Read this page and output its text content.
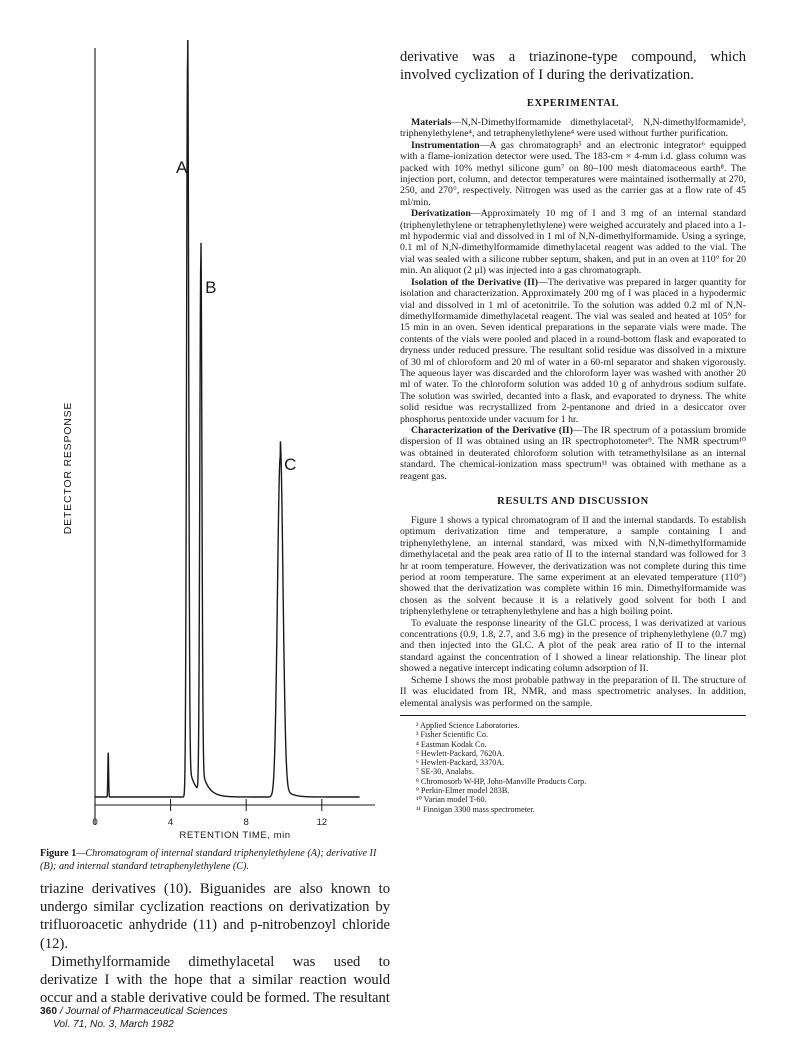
derivative was a triazinone-type compound, which involved cyclization of I during the derivatization.

EXPERIMENTAL

Materials—N,N-Dimethylformamide dimethylacetal², N,N-dimethylformamide³, triphenylethylene⁴, and tetraphenylethylene⁴ were used without further purification.

Instrumentation—A gas chromatograph⁵ and an electronic integrator⁶ equipped with a flame-ionization detector were used. The 183-cm × 4-mm i.d. glass column was packed with 10% methyl silicone gum⁷ on 80–100 mesh diatomaceous earth⁸. The injection port, column, and detector temperatures were maintained isothermally at 270, 250, and 270°, respectively. Nitrogen was used as the carrier gas at a flow rate of 45 ml/min.

Derivatization—Approximately 10 mg of I and 3 mg of an internal standard (triphenylethylene or tetraphenylethylene) were weighed accurately and placed into a 1-ml hypodermic vial and dissolved in 1 ml of N,N-dimethylformamide. Using a syringe, 0.1 ml of N,N-dimethylformamide dimethylacetal reagent was added to the vial. The vial was sealed with a silicone rubber septum, shaken, and put in an oven at 110° for 20 min. An aliquot (2 µl) was injected into a gas chromatograph.

Isolation of the Derivative (II)—The derivative was prepared in larger quantity for isolation and characterization. Approximately 200 mg of I was placed in a hypodermic vial and dissolved in 1 ml of acetonitrile. To the solution was added 0.2 ml of N,N-dimethylformamide dimethylacetal reagent. The vial was sealed and heated at 105° for 15 min in an oven. Seven identical preparations in the separate vials were made. The contents of the vials were pooled and placed in a round-bottom flask and evaporated to dryness under reduced pressure. The resultant solid residue was dissolved in a mixture of 30 ml of chloroform and 20 ml of water in a 60-ml separator and shaken vigorously. The aqueous layer was discarded and the chloroform layer was washed with another 20 ml of water. To the chloroform solution was added 10 g of anhydrous sodium sulfate. The solution was swirled, decanted into a flask, and evaporated to dryness. The white solid residue was recrystallized from 2-pentanone and dried in a desiccator over phosphorus pentoxide under vacuum for 1 hr.

Characterization of the Derivative (II)—The IR spectrum of a potassium bromide dispersion of II was obtained using an IR spectrophotometer⁹. The NMR spectrum¹⁰ was obtained in deuterated chloroform solution with tetramethylsilane as an internal standard. The chemical-ionization mass spectrum¹¹ was obtained with methane as a reagent gas.

RESULTS AND DISCUSSION

Figure 1 shows a typical chromatogram of II and the internal standards. To establish optimum derivatization time and temperature, a sample containing I and triphenylethylene, an internal standard, was mixed with N,N-dimethylformamide dimethylacetal and the peak area ratio of II to the internal standard was followed for 3 hr at room temperature. However, the derivatization was not complete during this time period at room temperature. The same experiment at an elevated temperature (110°) showed that the derivatization was complete within 16 min. Dimethylformamide was chosen as the solvent because it is a relatively good solvent for both I and triphenylethylene or tetraphenylethylene and has a high boiling point.

To evaluate the response linearity of the GLC process, I was derivatized at various concentrations (0.9, 1.8, 2.7, and 3.6 mg) in the presence of triphenylethylene (0.7 mg) and then injected into the GLC. A plot of the peak area ratio of II to the internal standard against the concentration of I showed a linear relationship. The linear plot showed a negative intercept indicating column adsorption of II.

Scheme I shows the most probable pathway in the preparation of II. The structure of II was elucidated from IR, NMR, and mass spectrometric analyses. In addition, elemental analysis was performed on the sample.

² Applied Science Laboratories.

³ Fisher Scientific Co.

⁴ Eastman Kodak Co.

⁵ Hewlett-Packard, 7620A.

⁶ Hewlett-Packard, 3370A.

⁷ SE-30, Analabs.

⁸ Chromosorb W-HP, John-Manville Products Corp.

⁹ Perkin-Elmer model 283B.

¹⁰ Varian model T-60.

¹¹ Finnigan 3300 mass spectrometer.

DETECTOR RESPONSE
0	4	8	12
A
B
C
RETENTION TIME, min

Figure 1—Chromatogram of internal standard triphenylethylene (A); derivative II (B); and internal standard tetraphenylethylene (C).

triazine derivatives (10). Biguanides are also known to undergo similar cyclization reactions on derivatization by trifluoroacetic anhydride (11) and p-nitrobenzoyl chloride (12).

Dimethylformamide dimethylacetal was used to derivatize I with the hope that a similar reaction would occur and a stable derivative could be formed. The resultant

360 / Journal of Pharmaceutical Sciences

Vol. 71, No. 3, March 1982
